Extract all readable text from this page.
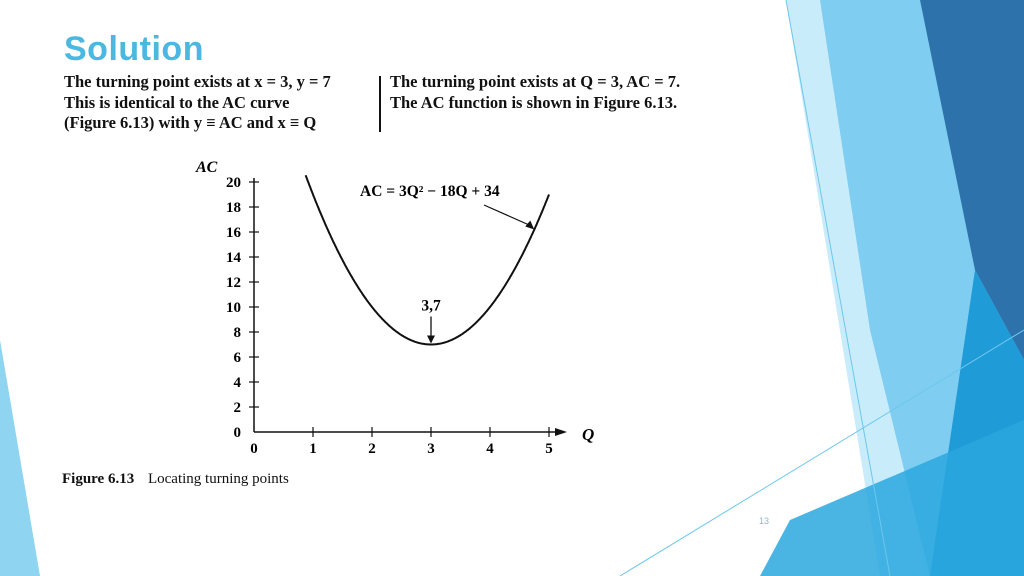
Solution
The turning point exists at x = 3, y = 7
This is identical to the AC curve
(Figure 6.13) with y ≡ AC and x ≡ Q
The turning point exists at Q = 3, AC = 7.
The AC function is shown in Figure 6.13.
0	1	2	3	4	5
0
2
4
6
8
10
12
14
16
18
20	AC = 3Q² − 18Q + 34
3,7
Q
AC
Figure 6.13 Locating turning points
13
